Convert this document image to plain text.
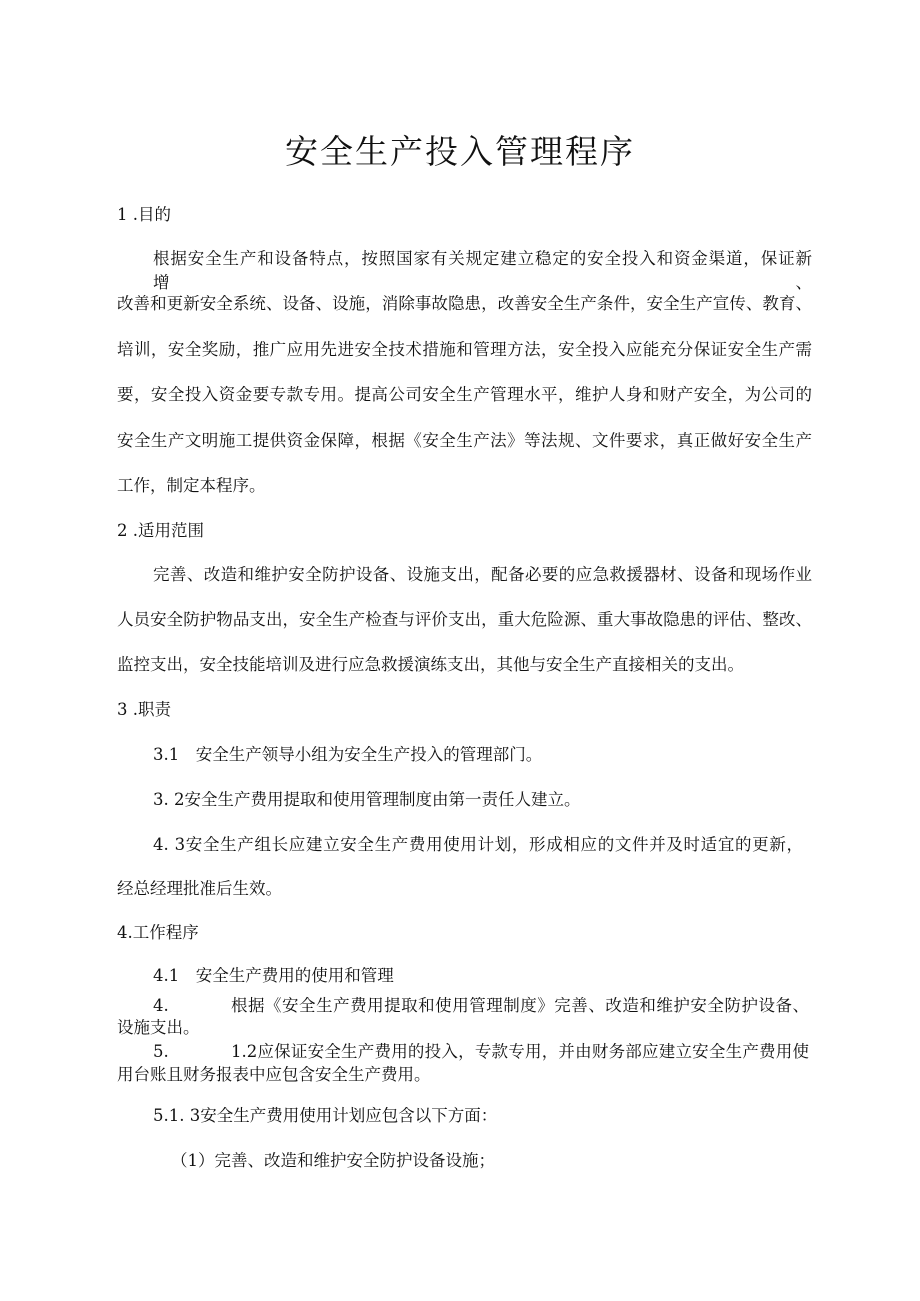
安全生产投入管理程序

1 .目的

根据安全生产和设备特点，按照国家有关规定建立稳定的安全投入和资金渠道，保证新增、

改善和更新安全系统、设备、设施，消除事故隐患，改善安全生产条件，安全生产宣传、教育、

培训，安全奖励，推广应用先进安全技术措施和管理方法，安全投入应能充分保证安全生产需

要，安全投入资金要专款专用。提高公司安全生产管理水平，维护人身和财产安全，为公司的

安全生产文明施工提供资金保障，根据《安全生产法》等法规、文件要求，真正做好安全生产

工作，制定本程序。

2 .适用范围

完善、改造和维护安全防护设备、设施支出，配备必要的应急救援器材、设备和现场作业

人员安全防护物品支出，安全生产检查与评价支出，重大危险源、重大事故隐患的评估、整改、

监控支出，安全技能培训及进行应急救援演练支出，其他与安全生产直接相关的支出。

3 .职责

3.1　安全生产领导小组为安全生产投入的管理部门。

3. 2安全生产费用提取和使用管理制度由第一责任人建立。

4. 3安全生产组长应建立安全生产费用使用计划，形成相应的文件并及时适宜的更新，

经总经理批准后生效。

4.工作程序

4.1　安全生产费用的使用和管理

4.	根据《安全生产费用提取和使用管理制度》完善、改造和维护安全防护设备、

设施支出。

5.	1.2应保证安全生产费用的投入，专款专用，并由财务部应建立安全生产费用使

用台账且财务报表中应包含安全生产费用。

5.1. 3安全生产费用使用计划应包含以下方面：

（1）完善、改造和维护安全防护设备设施；
